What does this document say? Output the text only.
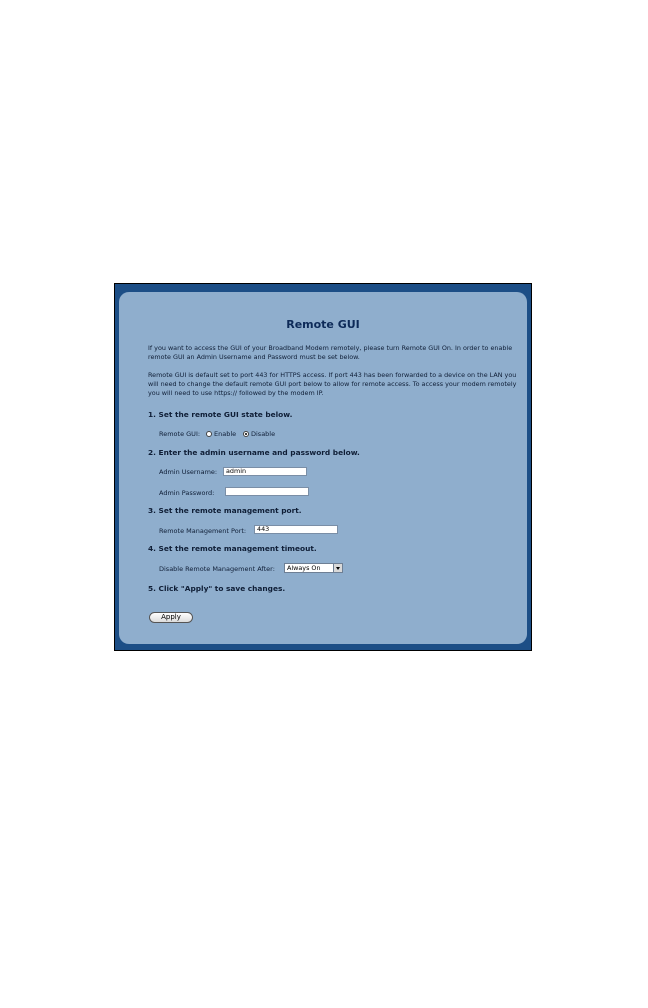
Remote GUI

If you want to access the GUI of your Broadband Modem remotely, please turn Remote GUI On. In order to enable remote GUI an Admin Username and Password must be set below.

Remote GUI is default set to port 443 for HTTPS access. If port 443 has been forwarded to a device on the LAN you will need to change the default remote GUI port below to allow for remote access. To access your modem remotely you will need to use https:// followed by the modem IP.

1. Set the remote GUI state below.
Remote GUI: Enable Disable
2. Enter the admin username and password below.
Admin Username:	admin
Admin Password:
3. Set the remote management port.
Remote Management Port:	443
4. Set the remote management timeout.
Disable Remote Management After:	Always On
5. Click "Apply" to save changes.
Apply
